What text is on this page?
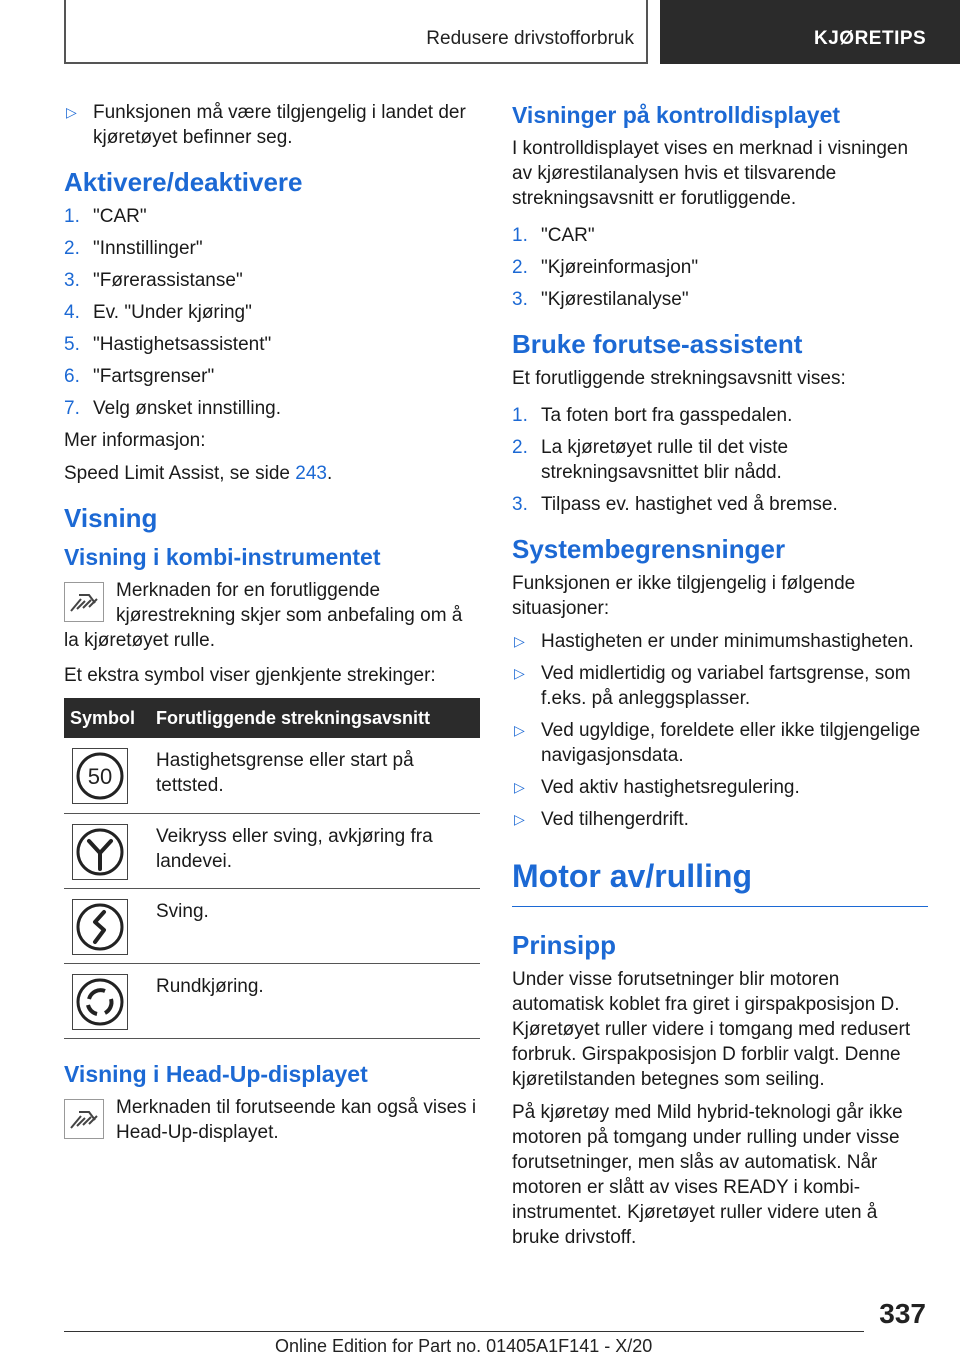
Redusere drivstofforbruk	KJØRETIPS
▷ Funksjonen må være tilgjengelig i landet der kjøretøyet befinner seg.
Aktivere/deaktivere
1. "CAR"
2. "Innstillinger"
3. "Førerassistanse"
4. Ev. "Under kjøring"
5. "Hastighetsassistent"
6. "Fartsgrenser"
7. Velg ønsket innstilling.

Mer informasjon:

Speed Limit Assist, se side 243.

Visning
Visning i kombi-instrumentet

Merknaden for en forutliggende kjørestrekning skjer som anbefaling om å la kjøretøyet rulle.

Et ekstra symbol viser gjenkjente strekinger:

Symbol	Forutliggende strekningsavsnitt

50	Hastighetsgrense eller start på tettsted.

	Veikryss eller sving, avkjøring fra landevei.

	Sving.

	Rundkjøring.
Visning i Head-Up-displayet

Merknaden til forutseende kan også vises i Head-Up-displayet.

Visninger på kontrolldisplayet

I kontrolldisplayet vises en merknad i visningen av kjørestilanalysen hvis et tilsvarende strekningsavsnitt er forutliggende.

1. "CAR"
2. "Kjøreinformasjon"
3. "Kjørestilanalyse"
Bruke forutse-assistent

Et forutliggende strekningsavsnitt vises:

1. Ta foten bort fra gasspedalen.
2. La kjøretøyet rulle til det viste strekningsavsnittet blir nådd.
3. Tilpass ev. hastighet ved å bremse.
Systembegrensninger

Funksjonen er ikke tilgjengelig i følgende situasjoner:

▷ Hastigheten er under minimumshastigheten.
▷ Ved midlertidig og variabel fartsgrense, som f.eks. på anleggsplasser.
▷ Ved ugyldige, foreldete eller ikke tilgjengelige navigasjonsdata.
▷ Ved aktiv hastighetsregulering.
▷ Ved tilhengerdrift.
Motor av/rulling
Prinsipp

Under visse forutsetninger blir motoren automatisk koblet fra giret i girspakposisjon D. Kjøretøyet ruller videre i tomgang med redusert forbruk. Girspakposisjon D forblir valgt. Denne kjøretilstanden betegnes som seiling.

På kjøretøy med Mild hybrid-teknologi går ikke motoren på tomgang under rulling under visse forutsetninger, men slås av automatisk. Når motoren er slått av vises READY i kombi-instrumentet. Kjøretøyet ruller videre uten å bruke drivstoff.

337
Online Edition for Part no. 01405A1F141 - X/20
